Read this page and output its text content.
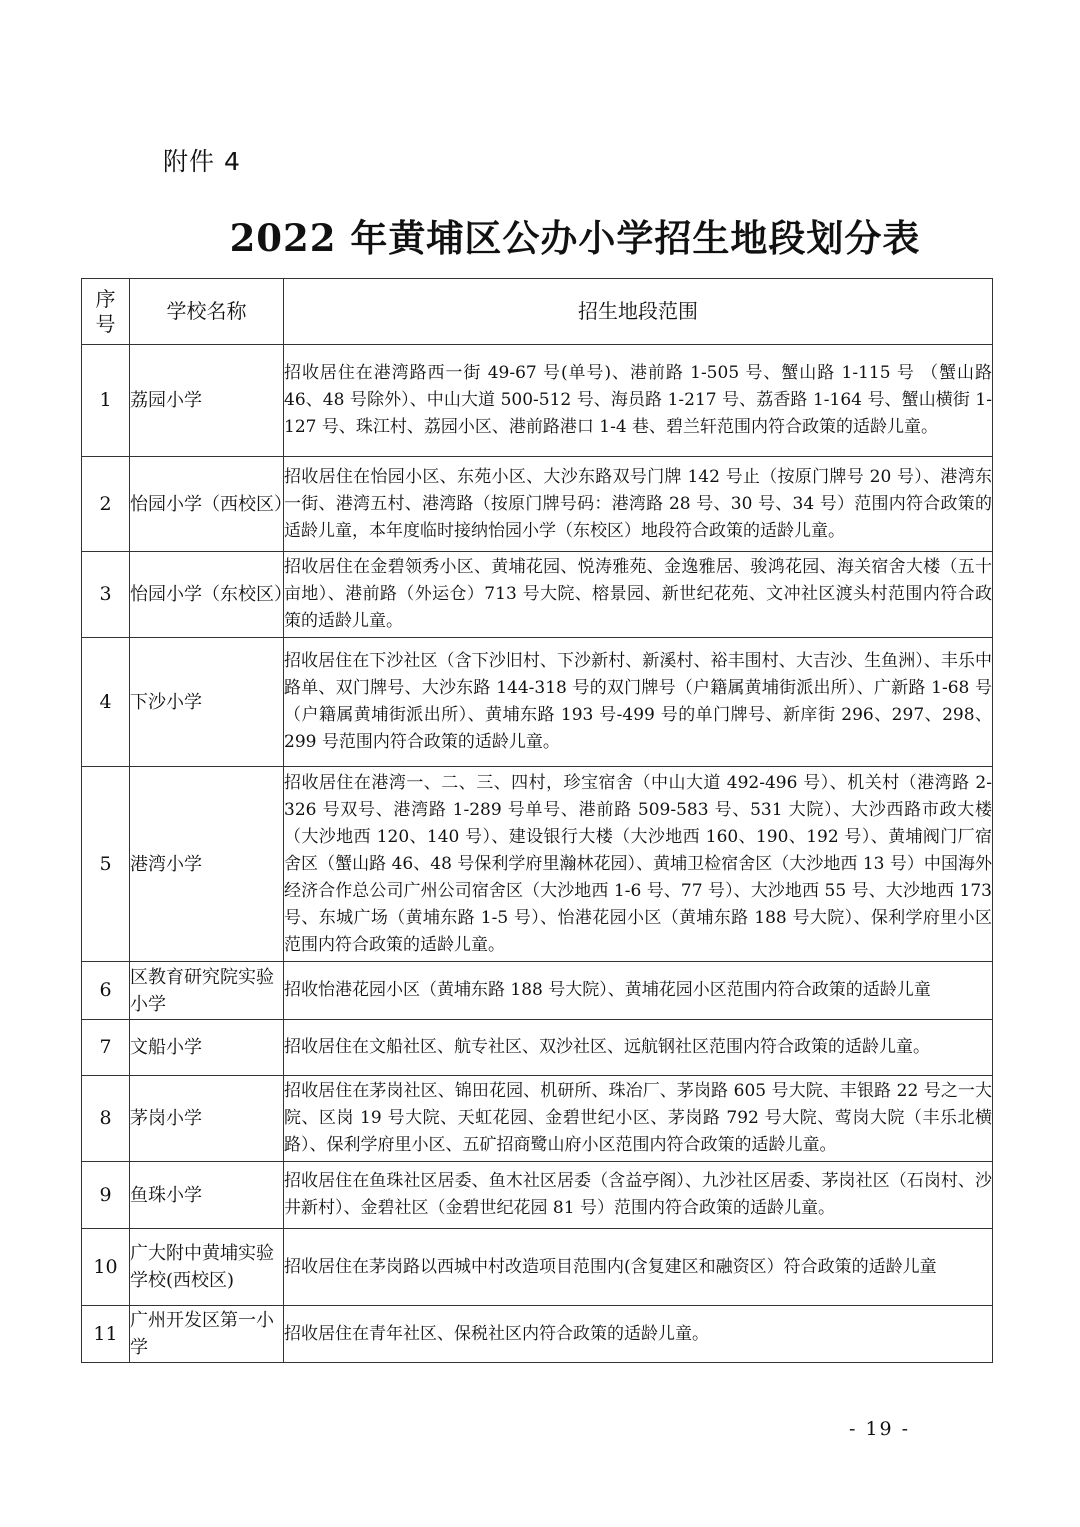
附件 4
2022 年黄埔区公办小学招生地段划分表
序
号	学校名称	招生地段范围
1	荔园小学	招收居住在港湾路西一街 49-67 号(单号)、港前路 1-505 号、蟹山路 1-115 号 （蟹山路 46、48 号除外）、中山大道 500-512 号、海员路 1-217 号、荔香路 1-164 号、蟹山横街 1-127 号、珠江村、荔园小区、港前路港口 1-4 巷、碧兰轩范围内符合政策的适龄儿童。
2	怡园小学（西校区）	招收居住在怡园小区、东苑小区、大沙东路双号门牌 142 号止（按原门牌号 20 号）、港湾东一街、港湾五村、港湾路（按原门牌号码：港湾路 28 号、30 号、34 号）范围内符合政策的适龄儿童，本年度临时接纳怡园小学（东校区）地段符合政策的适龄儿童。
3	怡园小学（东校区）	招收居住在金碧领秀小区、黄埔花园、悦涛雅苑、金逸雅居、骏鸿花园、海关宿舍大楼（五十亩地）、港前路（外运仓）713 号大院、榕景园、新世纪花苑、文冲社区渡头村范围内符合政策的适龄儿童。
4	下沙小学	招收居住在下沙社区（含下沙旧村、下沙新村、新溪村、裕丰围村、大吉沙、生鱼洲）、丰乐中路单、双门牌号、大沙东路 144-318 号的双门牌号（户籍属黄埔街派出所）、广新路 1-68 号（户籍属黄埔街派出所）、黄埔东路 193 号-499 号的单门牌号、新庠街 296、297、298、299 号范围内符合政策的适龄儿童。
5	港湾小学	招收居住在港湾一、二、三、四村，珍宝宿舍（中山大道 492-496 号）、机关村（港湾路 2-326 号双号、港湾路 1-289 号单号、港前路 509-583 号、531 大院）、大沙西路市政大楼（大沙地西 120、140 号）、建设银行大楼（大沙地西 160、190、192 号）、黄埔阀门厂宿舍区（蟹山路 46、48 号保利学府里瀚林花园）、黄埔卫检宿舍区（大沙地西 13 号）中国海外经济合作总公司广州公司宿舍区（大沙地西 1-6 号、77 号）、大沙地西 55 号、大沙地西 173 号、东城广场（黄埔东路 1-5 号）、怡港花园小区（黄埔东路 188 号大院）、保利学府里小区范围内符合政策的适龄儿童。
6	区教育研究院实验小学	招收怡港花园小区（黄埔东路 188 号大院）、黄埔花园小区范围内符合政策的适龄儿童
7	文船小学	招收居住在文船社区、航专社区、双沙社区、远航钢社区范围内符合政策的适龄儿童。
8	茅岗小学	招收居住在茅岗社区、锦田花园、机研所、珠冶厂、茅岗路 605 号大院、丰银路 22 号之一大院、区岗 19 号大院、天虹花园、金碧世纪小区、茅岗路 792 号大院、莺岗大院（丰乐北横路）、保利学府里小区、五矿招商鹭山府小区范围内符合政策的适龄儿童。
9	鱼珠小学	招收居住在鱼珠社区居委、鱼木社区居委（含益亭阁）、九沙社区居委、茅岗社区（石岗村、沙井新村）、金碧社区（金碧世纪花园 81 号）范围内符合政策的适龄儿童。
10	广大附中黄埔实验学校(西校区)	招收居住在茅岗路以西城中村改造项目范围内(含复建区和融资区）符合政策的适龄儿童
11	广州开发区第一小学	招收居住在青年社区、保税社区内符合政策的适龄儿童。
- 19 -
